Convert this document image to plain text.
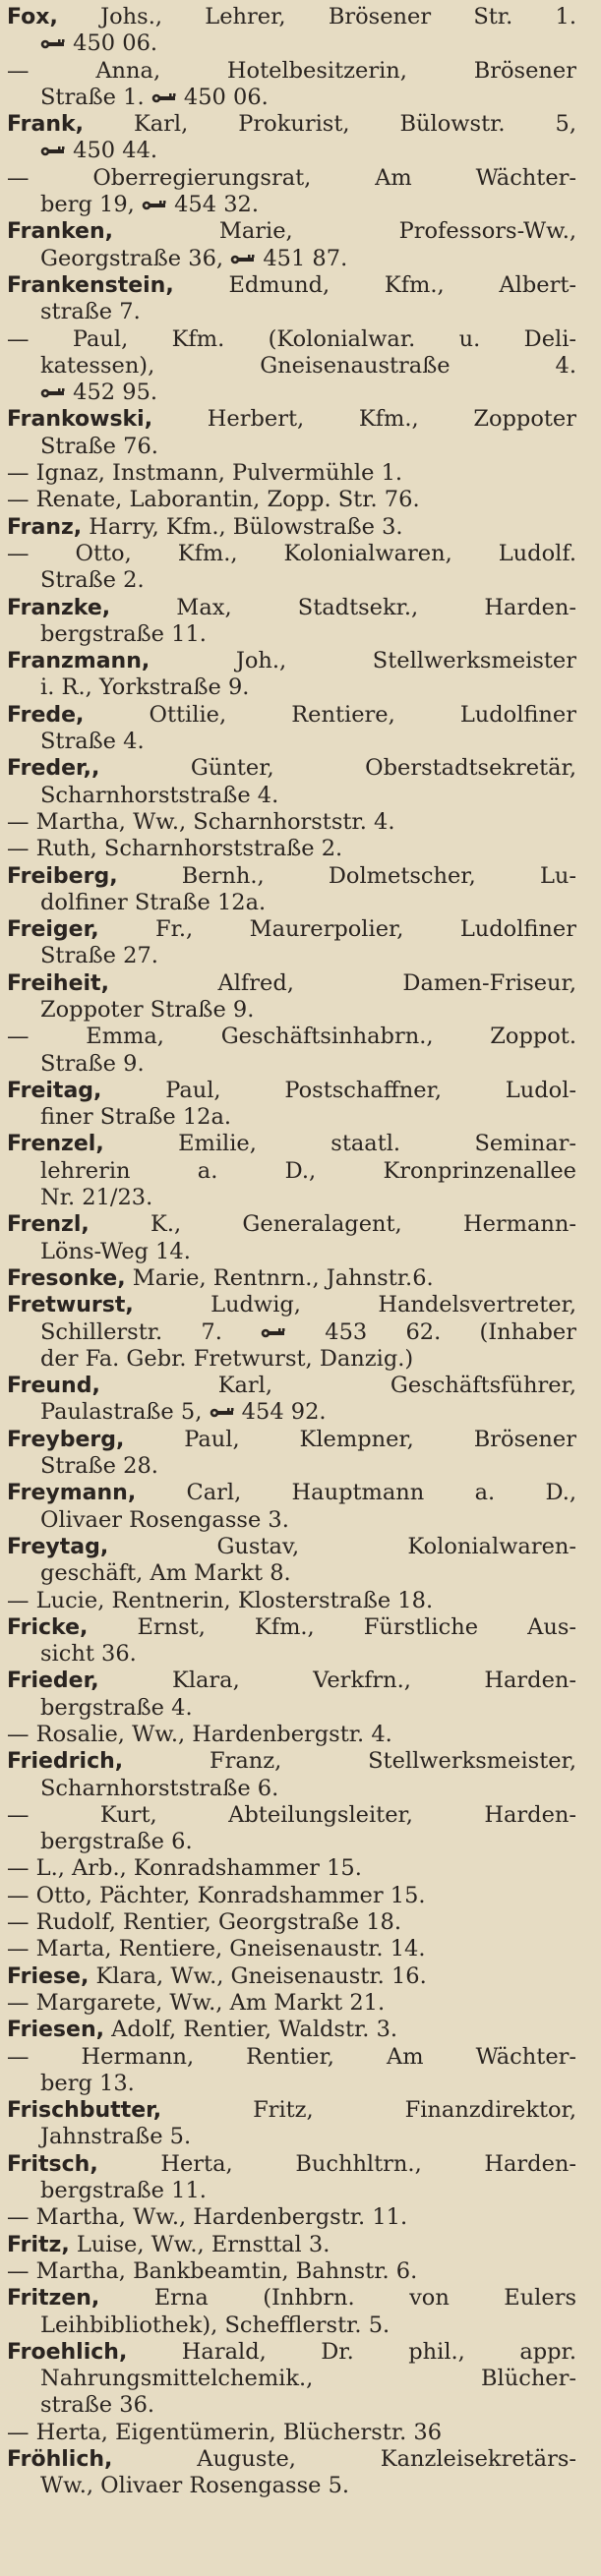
Fox, Johs., Lehrer, Brösener Str. 1.
450 06.
— Anna, Hotelbesitzerin, Brösener
Straße 1.
450 06.
Frank, Karl, Prokurist, Bülowstr. 5,
450 44.
— Oberregierungsrat, Am Wächter-
berg 19,
454 32.
Franken, Marie, Professors-Ww.,
Georgstraße 36,
451 87.
Frankenstein, Edmund, Kfm., Albert-
straße 7.
— Paul, Kfm. (Kolonialwar. u. Deli-
katessen), Gneisenaustraße 4.
452 95.
Frankowski, Herbert, Kfm., Zoppoter
Straße 76.
— Ignaz, Instmann, Pulvermühle 1.
— Renate, Laborantin, Zopp. Str. 76.
Franz, Harry, Kfm., Bülowstraße 3.
— Otto, Kfm., Kolonialwaren, Ludolf.
Straße 2.
Franzke, Max, Stadtsekr., Harden-
bergstraße 11.
Franzmann, Joh., Stellwerksmeister
i. R., Yorkstraße 9.
Frede, Ottilie, Rentiere, Ludolfiner
Straße 4.
Freder,, Günter, Oberstadtsekretär,
Scharnhorststraße 4.
— Martha, Ww., Scharnhorststr. 4.
— Ruth, Scharnhorststraße 2.
Freiberg, Bernh., Dolmetscher, Lu-
dolfiner Straße 12a.
Freiger, Fr., Maurerpolier, Ludolfiner
Straße 27.
Freiheit, Alfred, Damen-Friseur,
Zoppoter Straße 9.
— Emma, Geschäftsinhabrn., Zoppot.
Straße 9.
Freitag, Paul, Postschaffner, Ludol-
finer Straße 12a.
Frenzel, Emilie, staatl. Seminar-
lehrerin a. D., Kronprinzenallee
Nr. 21/23.
Frenzl, K., Generalagent, Hermann-
Löns-Weg 14.
Fresonke, Marie, Rentnrn., Jahnstr.6.
Fretwurst, Ludwig, Handelsvertreter,
Schillerstr. 7.
453 62. (Inhaber
der Fa. Gebr. Fretwurst, Danzig.)
Freund, Karl, Geschäftsführer,
Paulastraße 5,
454 92.
Freyberg, Paul, Klempner, Brösener
Straße 28.
Freymann, Carl, Hauptmann a. D.,
Olivaer Rosengasse 3.
Freytag, Gustav, Kolonialwaren-
geschäft, Am Markt 8.
— Lucie, Rentnerin, Klosterstraße 18.
Fricke, Ernst, Kfm., Fürstliche Aus-
sicht 36.
Frieder, Klara, Verkfrn., Harden-
bergstraße 4.
— Rosalie, Ww., Hardenbergstr. 4.
Friedrich, Franz, Stellwerksmeister,
Scharnhorststraße 6.
— Kurt, Abteilungsleiter, Harden-
bergstraße 6.
— L., Arb., Konradshammer 15.
— Otto, Pächter, Konradshammer 15.
— Rudolf, Rentier, Georgstraße 18.
— Marta, Rentiere, Gneisenaustr. 14.
Friese, Klara, Ww., Gneisenaustr. 16.
— Margarete, Ww., Am Markt 21.
Friesen, Adolf, Rentier, Waldstr. 3.
— Hermann, Rentier, Am Wächter-
berg 13.
Frischbutter, Fritz, Finanzdirektor,
Jahnstraße 5.
Fritsch, Herta, Buchhltrn., Harden-
bergstraße 11.
— Martha, Ww., Hardenbergstr. 11.
Fritz, Luise, Ww., Ernsttal 3.
— Martha, Bankbeamtin, Bahnstr. 6.
Fritzen, Erna (Inhbrn. von Eulers
Leihbibliothek), Schefflerstr. 5.
Froehlich, Harald, Dr. phil., appr.
Nahrungsmittelchemik., Blücher-
straße 36.
— Herta, Eigentümerin, Blücherstr. 36
Fröhlich, Auguste, Kanzleisekretärs-
Ww., Olivaer Rosengasse 5.
